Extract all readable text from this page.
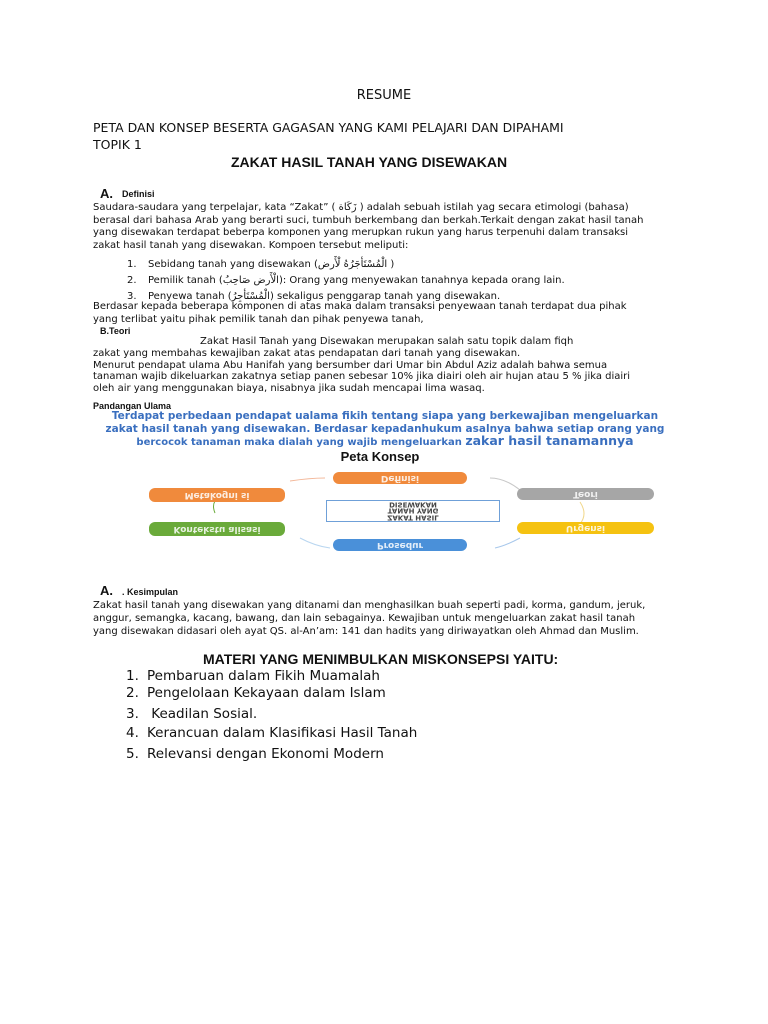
RESUME
PETA DAN KONSEP BESERTA GAGASAN YANG KAMI PELAJARI DAN DIPAHAMI
TOPIK 1
ZAKAT HASIL TANAH YANG DISEWAKAN
A. Definisi
Saudara-saudara yang terpelajar, kata “Zakat” ( زَكَاة ) adalah sebuah istilah yag secara etimologi (bahasa)
berasal dari bahasa Arab yang berarti suci, tumbuh berkembang dan berkah.Terkait dengan zakat hasil tanah
yang disewakan terdapat beberpa komponen yang merupkan rukun yang harus terpenuhi dalam transaksi
zakat hasil tanah yang disewakan. Kompoen tersebut meliputi:
1. Sebidang tanah yang disewakan (الْمُسْتَأجَرُهُ لْأَرض )
2. Pemilik tanah (الْأَرض صَاحِبُ): Orang yang menyewakan tanahnya kepada orang lain.
3. Penyewa tanah (الْمُسْتَأجِرُ) sekaligus penggarap tanah yang disewakan.
Berdasar kepada beberapa komponen di atas maka dalam transaksi penyewaan tanah terdapat dua pihak
yang terlibat yaitu pihak pemilik tanah dan pihak penyewa tanah,
B.Teori
Zakat Hasil Tanah yang Disewakan merupakan salah satu topik dalam fiqh
zakat yang membahas kewajiban zakat atas pendapatan dari tanah yang disewakan.
Menurut pendapat ulama Abu Hanifah yang bersumber dari Umar bin Abdul Aziz adalah bahwa semua
tanaman wajib dikeluarkan zakatnya setiap panen sebesar 10% jika diairi oleh air hujan atau 5 % jika diairi
oleh air yang menggunakan biaya, nisabnya jika sudah mencapai lima wasaq.
Pandangan Ulama
Terdapat perbedaan pendapat ualama fikih tentang siapa yang berkewajiban mengeluarkan
zakat hasil tanah yang disewakan. Berdasar kepadanhukum asalnya bahwa setiap orang yang
bercocok tanaman maka dialah yang wajib mengeluarkan zakar hasil tanamannya
Peta Konsep
Definisi
Teori
Urgensi
Prosedur
Kontekstu alisasi
Metakogni si
ZAKAT HASIL
TANAH YANG
DISEWAKAN
A. . Kesimpulan
Zakat hasil tanah yang disewakan yang ditanami dan menghasilkan buah seperti padi, korma, gandum, jeruk,
anggur, semangka, kacang, bawang, dan lain sebagainya. Kewajiban untuk mengeluarkan zakat hasil tanah
yang disewakan didasari oleh ayat QS. al-An’am: 141 dan hadits yang diriwayatkan oleh Ahmad dan Muslim.
MATERI YANG MENIMBULKAN MISKONSEPSI YAITU:
1. Pembaruan dalam Fikih Muamalah
2. Pengelolaan Kekayaan dalam Islam
3. Keadilan Sosial.
4. Kerancuan dalam Klasifikasi Hasil Tanah
5. Relevansi dengan Ekonomi Modern
